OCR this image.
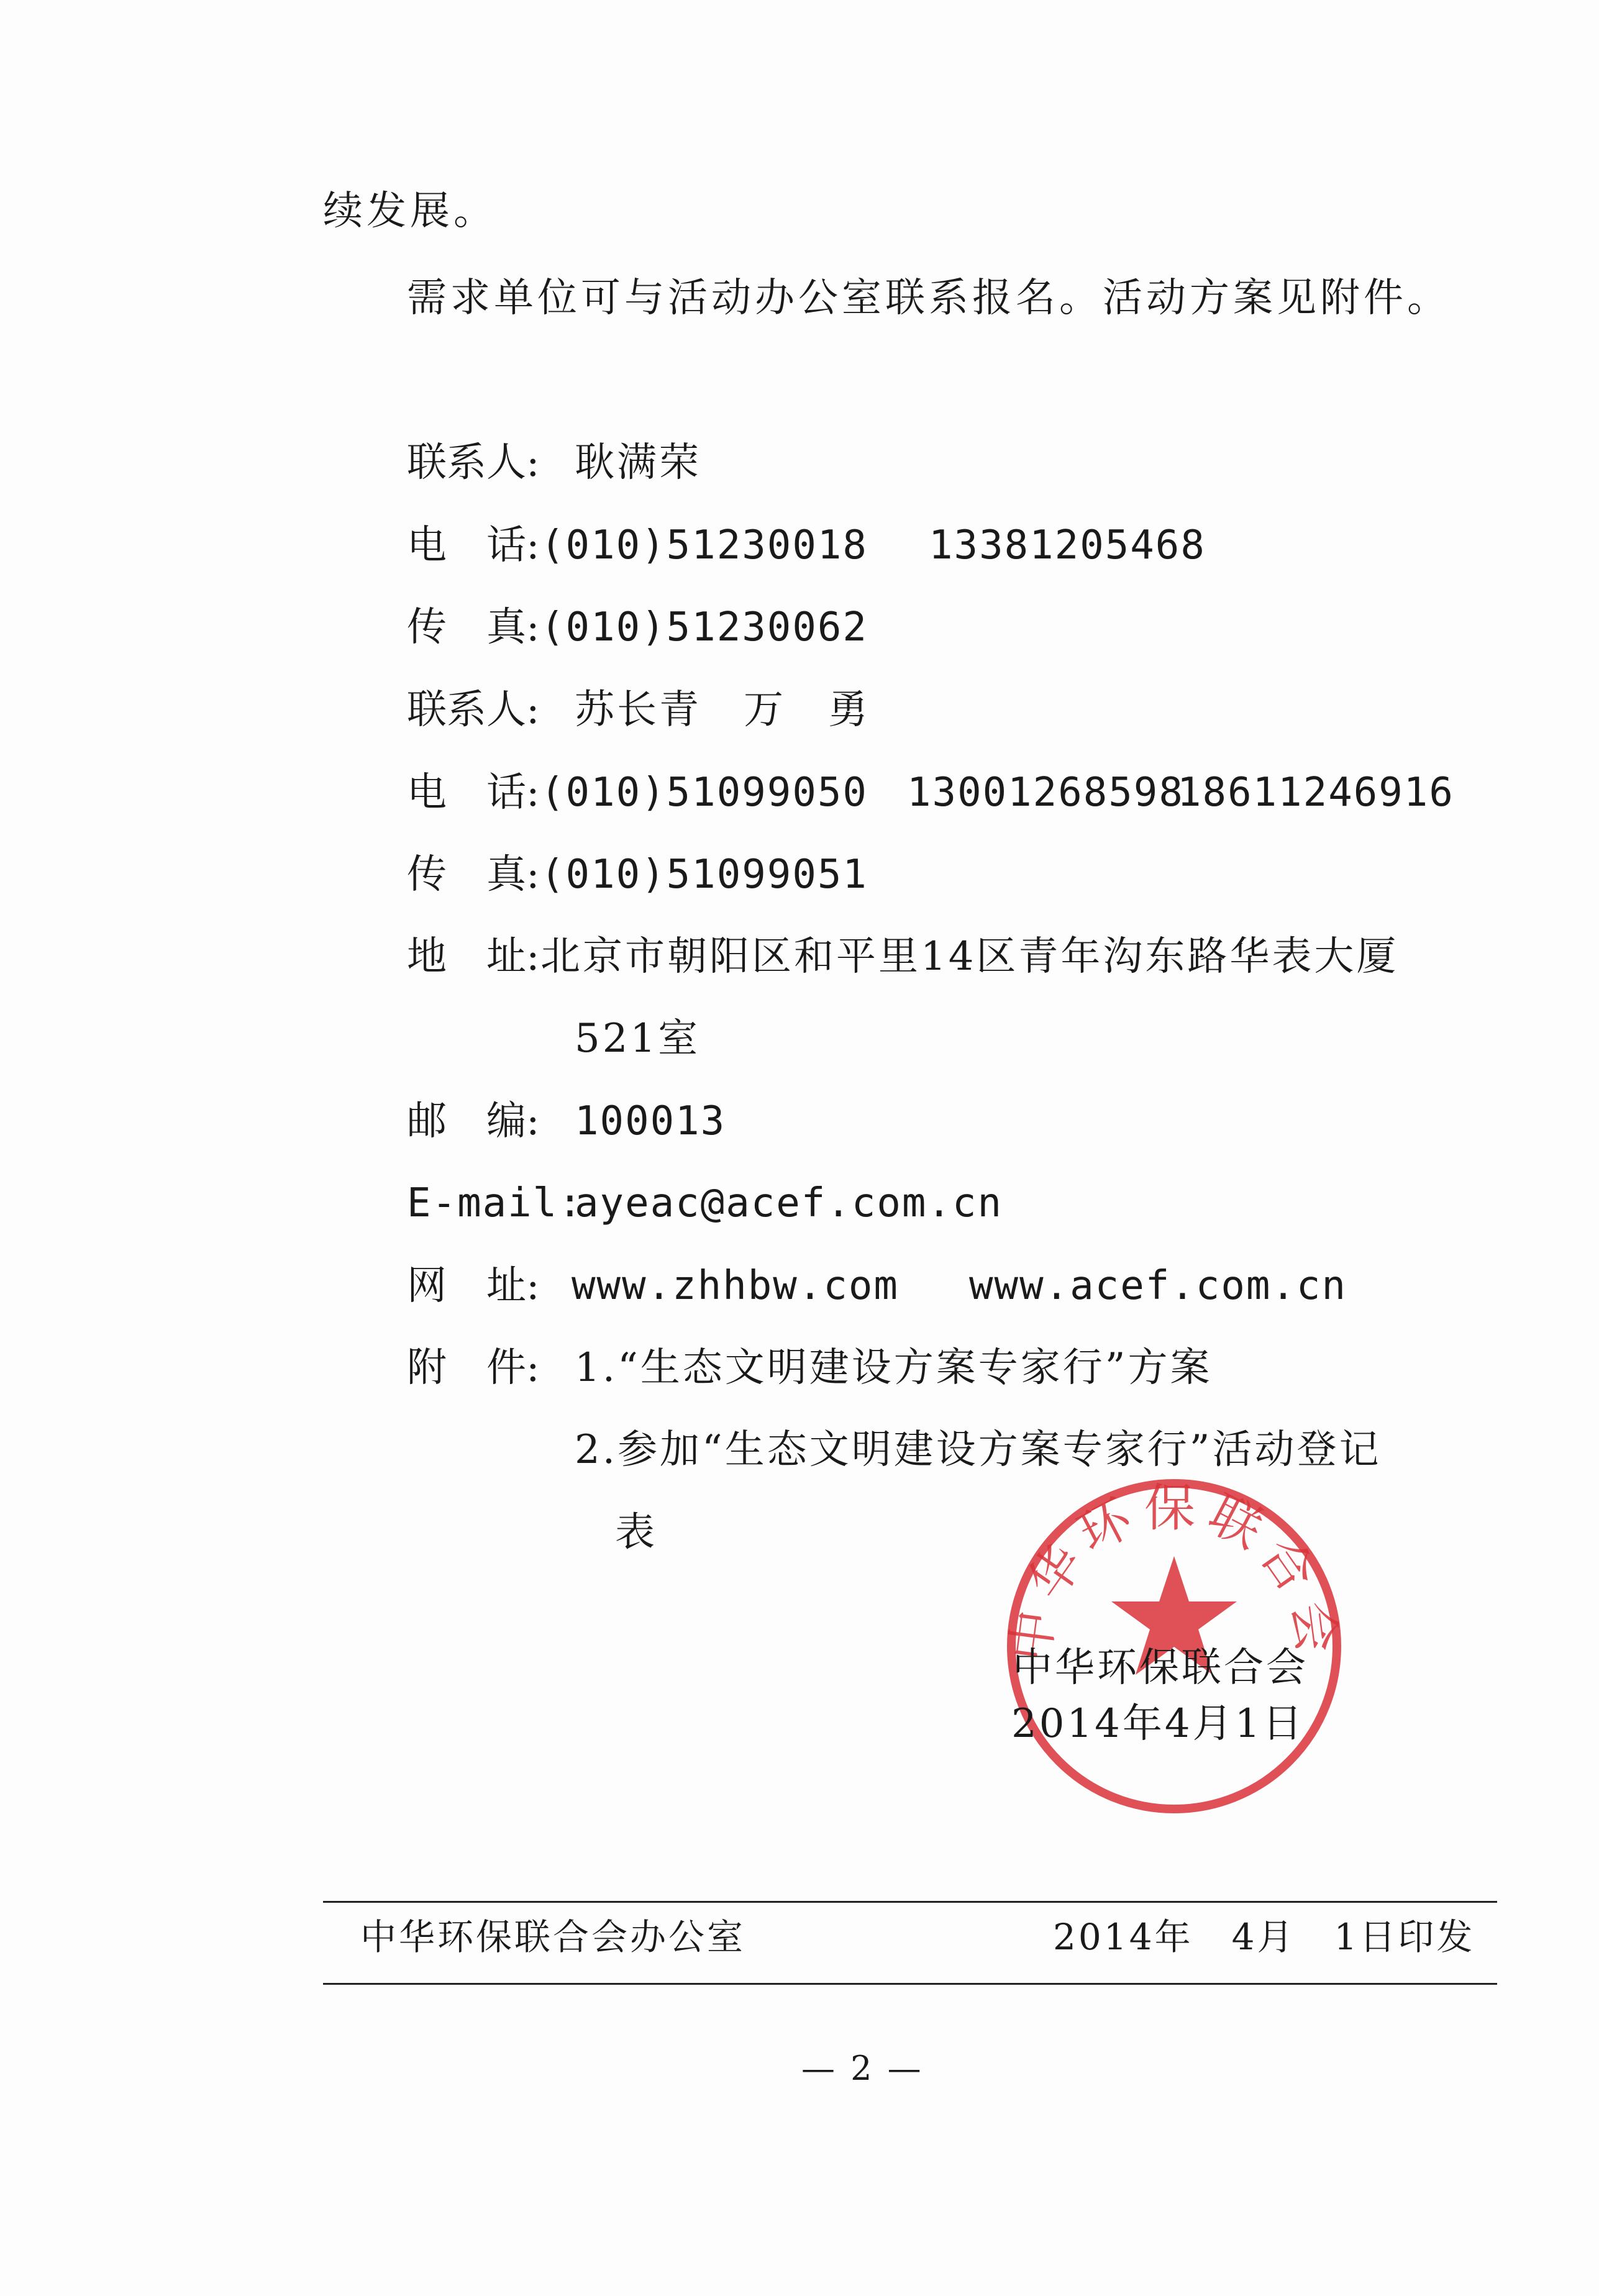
续发展。
需求单位可与活动办公室联系报名。活动方案见附件。
联系人: 耿满荣
电　话: (010)51230018 13381205468
传　真: (010)51230062
联系人: 苏长青　万　勇
电　话: (010)51099050 13001268598
18611246916
传　真: (010)51099051
地　址: 北京市朝阳区和平里14区青年沟东路华表大厦
521室
邮　编: 100013
E-mail:
ayeac@acef.com.cn
网　址: www.zhhbw.com www.acef.com.cn
附　件: 1.“生态文明建设方案专家行”方案
2.参加“生态文明建设方案专家行”活动登记
表
中华环保联合会
中华环保联合会
2014年4月1日
中华环保联合会办公室	2014年　4月　1日印发
— 2 —
